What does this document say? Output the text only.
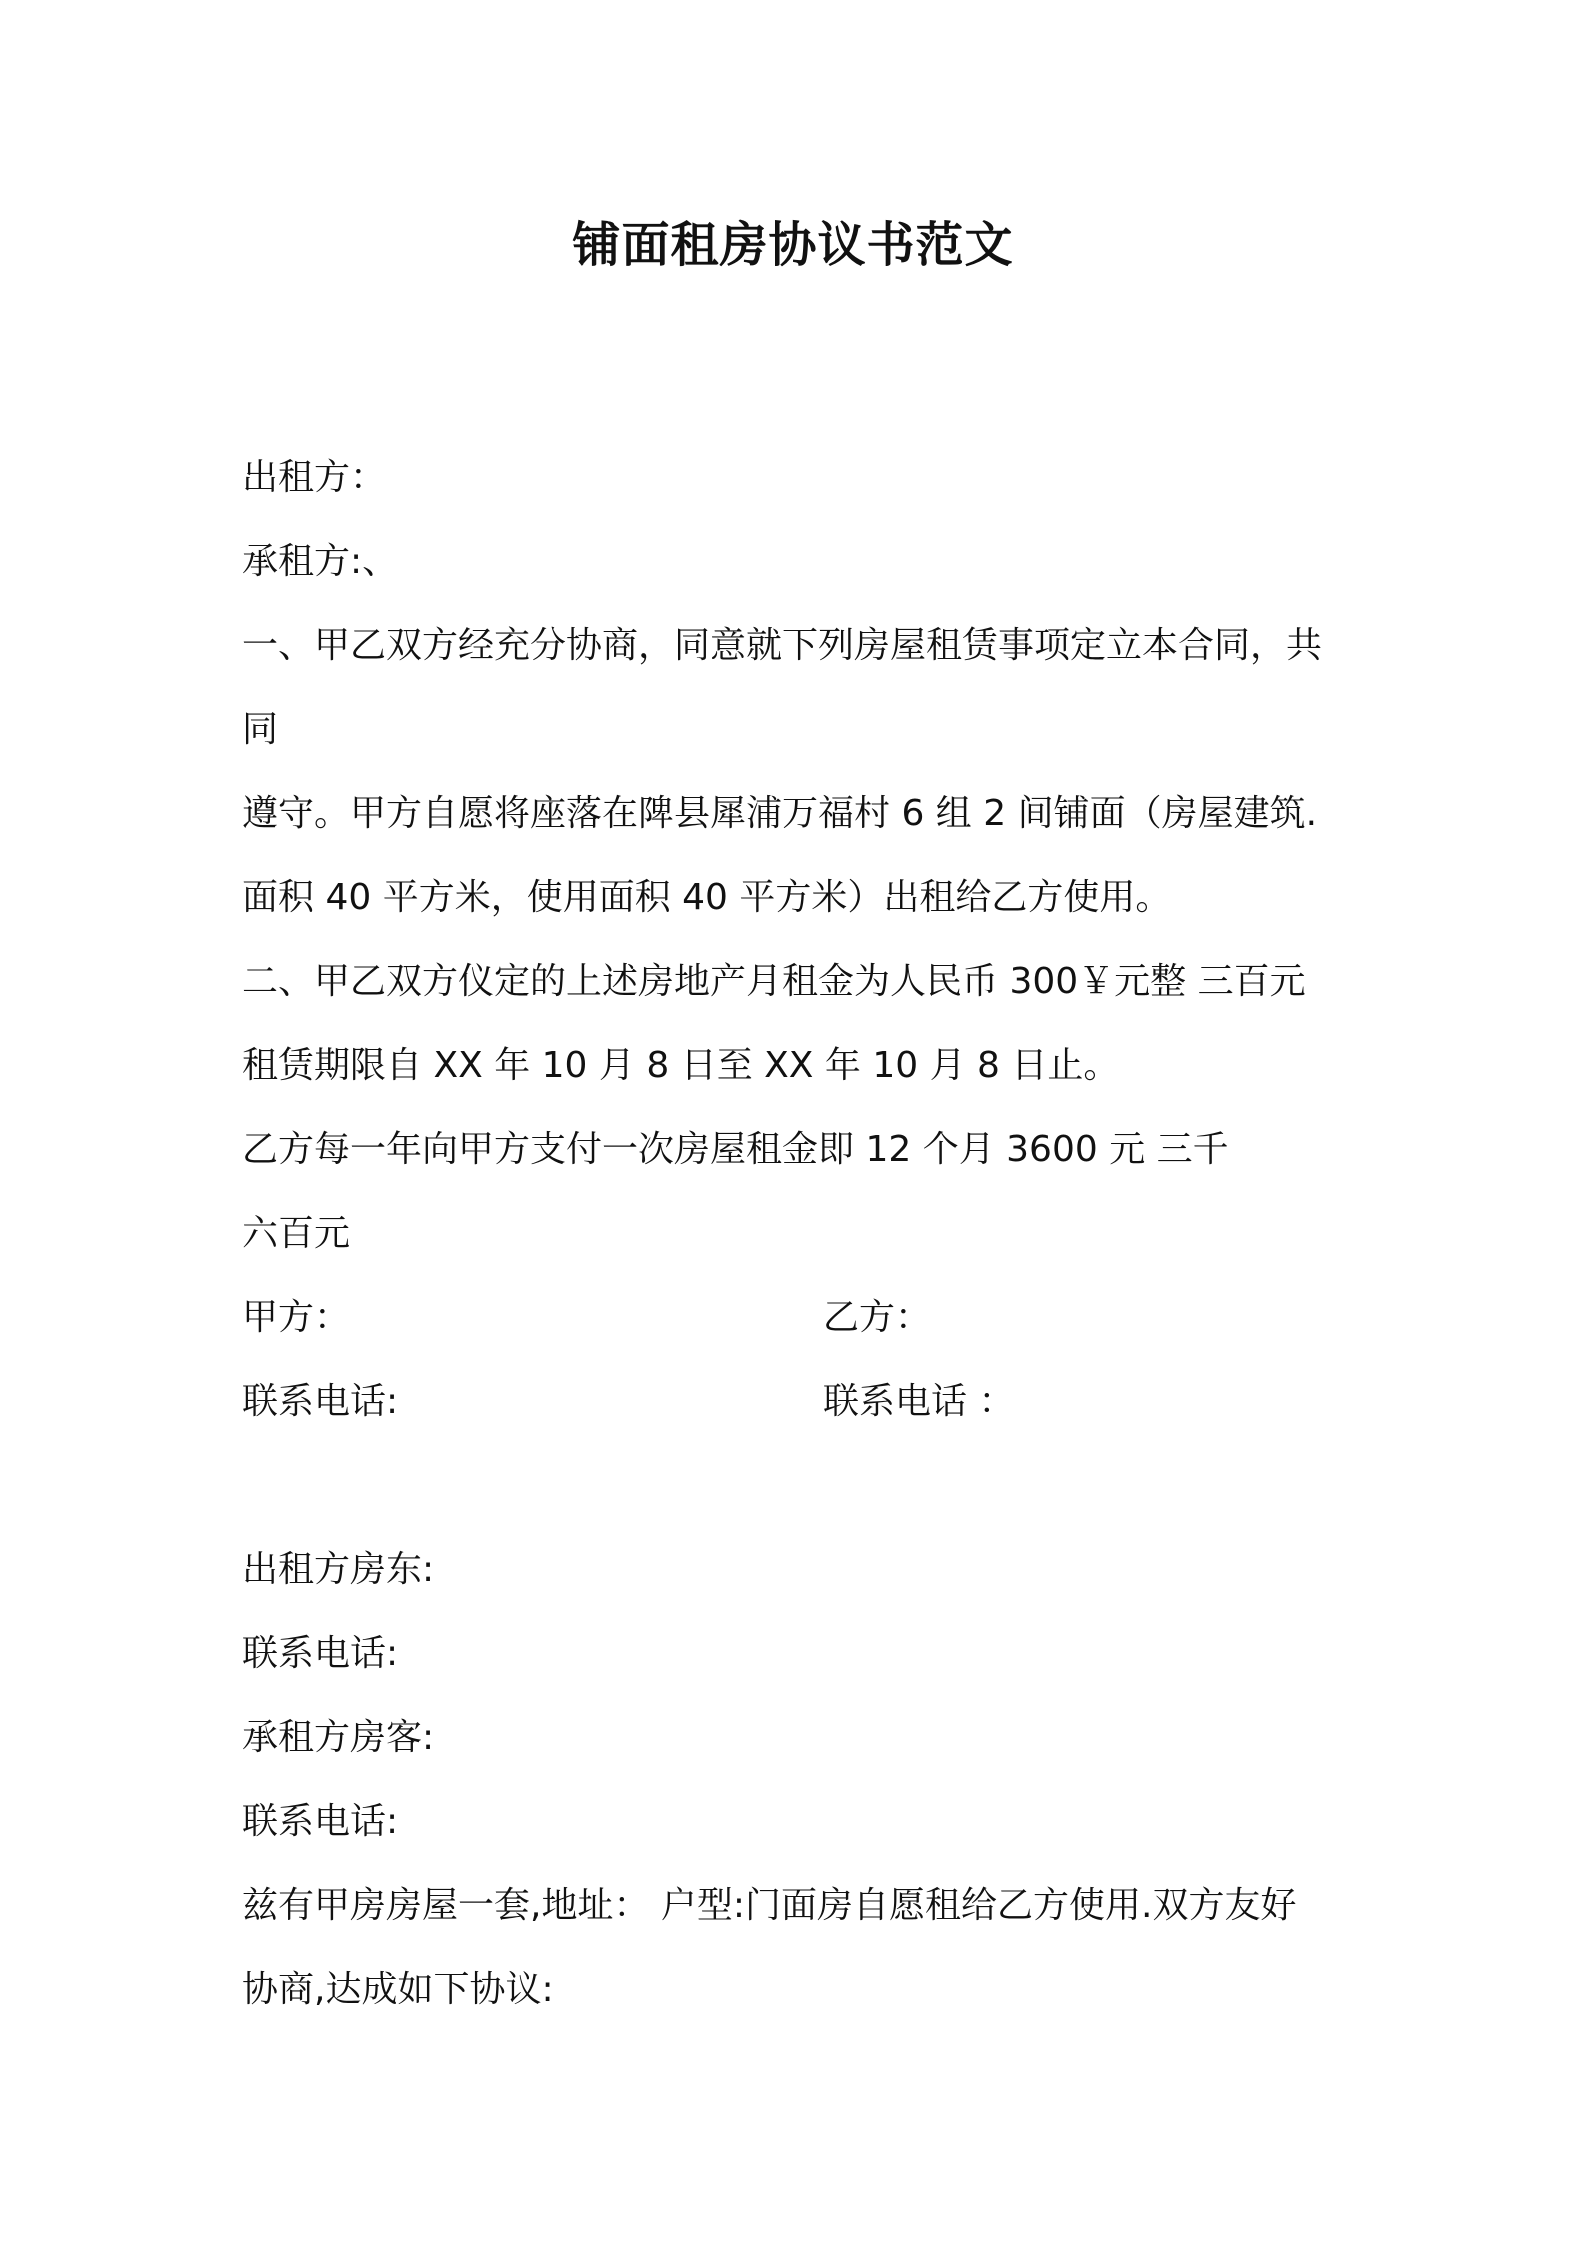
铺面租房协议书范文

出租方：

承租方:、

一、甲乙双方经充分协商，同意就下列房屋租赁事项定立本合同，共

同

遵守。甲方自愿将座落在陴县犀浦万福村 6 组 2 间铺面（房屋建筑.

面积 40 平方米，使用面积 40 平方米）出租给乙方使用。

二、甲乙双方仪定的上述房地产月租金为人民币 300￥元整 三百元

租赁期限自 XX 年 10 月 8 日至 XX 年 10 月 8 日止。

乙方每一年向甲方支付一次房屋租金即 12 个月 3600 元 三千

六百元

甲方：	乙方：

联系电话:	联系电话 ：

出租方房东:

联系电话:

承租方房客:

联系电话:

兹有甲房房屋一套,地址： 户型:门面房自愿租给乙方使用.双方友好

协商,达成如下协议:
